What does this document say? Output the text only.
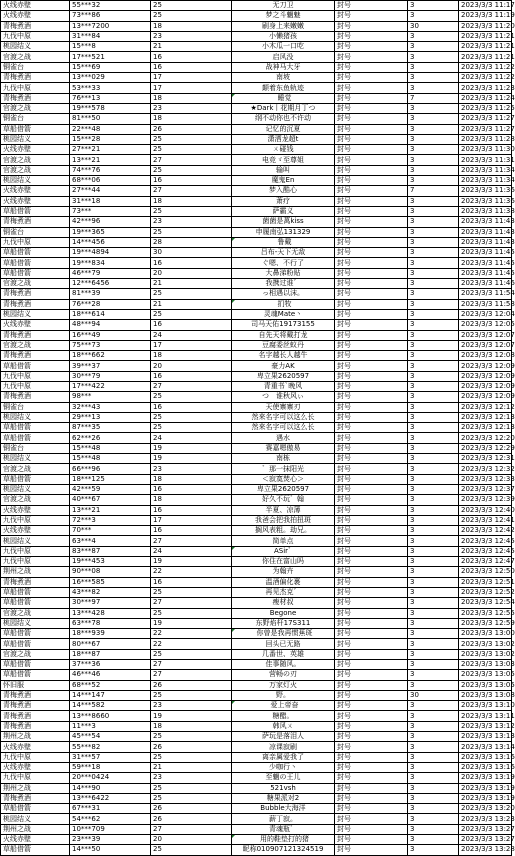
火线赤壁	55***32	25	无刀卫	封号	3	2023/3/3 11:17
火线赤壁	73***86	25	梦之斗魍魅	封号	3	2023/3/3 11:19
青梅煮酒	13***7200	18	刷身上来嫩嫩	封号	30	2023/3/3 11:20
九伐中原	31***84	23	小懒猪孩	封号	3	2023/3/3 11:21
桃园结义	15***8	21	小木瓜一口吃	封号	3	2023/3/3 11:21
官渡之战	17***521	16	启风没	封号	3	2023/3/3 11:21
铜雀台	15***69	16	战神马大牙	封号	3	2023/3/3 11:22
青梅煮酒	13***029	17	南坡	封号	3	2023/3/3 11:22
九伐中原	53***33	17	颠着东鱼轨迹	封号	3	2023/3/3 11:23
青梅煮酒	76***13	18	睡觉	封号	7	2023/3/3 11:24
官渡之战	19***578	23	★Dark丨花期月丁つ	封号	3	2023/3/3 11:25
铜雀台	81***50	18	纲不动你也不许动	封号	3	2023/3/3 11:27
草船借箭	22***48	26	记忆的沉夏	封号	3	2023/3/3 11:27
桃园结义	15***28	25	潇洒龙超t	封号	3	2023/3/3 11:28
火线赤壁	27***21	25	ㄨ碰钱	封号	3	2023/3/3 11:30
官渡之战	13***21	27	电竞ゞ至尊姐	封号	3	2023/3/3 11:31
官渡之战	74***76	25	输叫	封号	3	2023/3/3 11:34
桃园结义	68***06	16	魔鬼En	封号	3	2023/3/3 11:34
火线赤壁	27***44	27	梦入酷心	封号	7	2023/3/3 11:36
火线赤壁	31***18	18	萧疗	封号	3	2023/3/3 11:36
草船借箭	73***	25	萨霸义	封号	3	2023/3/3 11:38
青梅煮酒	42***96	23	菌菌是萬kiss	封号	3	2023/3/3 11:43
铜雀台	19***365	25	申履南弘131329	封号	3	2023/3/3 11:43
九伐中原	14***456	28	鲁戴	封号	3	2023/3/3 11:43
草船借箭	19***4894	30	吕布-天下无敌	封号	3	2023/3/3 11:45
草船借箭	19***834	16	ぐ嗯、不行了	封号	3	2023/3/3 11:45
草船借箭	46***79	20	大鼻涕粉贴	封号	3	2023/3/3 11:45
官渡之战	12***6456	21	我携过谁゛	封号	3	2023/3/3 11:46
青梅煮酒	81***39	25	っ相遇以沫。	封号	3	2023/3/3 11:54
青梅煮酒	76***28	21	扪牧	封号	3	2023/3/3 11:58
桃园结义	18***614	25	灵魂Mate丶	封号	3	2023/3/3 12:04
火线赤壁	48***94	16	司马天佑19173155	封号	3	2023/3/3 12:05
青梅煮酒	16***49	24	自先天将戴打龙	封号	3	2023/3/3 12:07
官渡之战	75***73	17	豆腐委丝蚁丹	封号	3	2023/3/3 12:07
青梅煮酒	18***662	18	名字越长人越牛	封号	3	2023/3/3 12:08
草船借箭	39***37	20	豪力AK	封号	3	2023/3/3 12:09
九伐中原	30***79	16	卑立果2620597	封号	3	2023/3/3 12:09
九伐中原	17***422	27	青重书`晚风	封号	3	2023/3/3 12:09
青梅煮酒	98***	25	つ　谁秋风ぃ	封号	3	2023/3/3 12:09
铜雀台	32***43	16	天使寨寨刃	封号	3	2023/3/3 12:12
桃园结义	29***13	25	然来名字可以这么长	封号	3	2023/3/3 12:13
草船借箭	87***35	25	然来名字可以这么长	封号	3	2023/3/3 12:13
草船借箭	62***26	24	遇水	封号	3	2023/3/3 12:20
铜雀台	15***48	19	赛嘉嗯傲易	封号	3	2023/3/3 12:29
桃园结义	15***48	19	南栋	封号	3	2023/3/3 12:31
官渡之战	66***96	23	゛那一抹阳光	封号	3	2023/3/3 12:32
草船借箭	18***125	18	＜寂寞焚心＞	封号	3	2023/3/3 12:33
桃园结义	42***59	16	卑立果2620597	封号	3	2023/3/3 12:37
官渡之战	40***67	18	好久不玩゛翰	封号	3	2023/3/3 12:39
火线赤壁	13***21	16	半夏、凉薄	封号	3	2023/3/3 12:40
九伐中原	72***3	17	我爸会把我拍扭斑	封号	3	2023/3/3 12:41
火线赤壁	70***	16	搁风表粗。劫兄。	封号	3	2023/3/3 12:42
桃园结义	63***4	27	简单点	封号	3	2023/3/3 12:45
九伐中原	83***87	24	ASir゛	封号	3	2023/3/3 12:45
九伐中原	19***453	19	你住在富山吗	封号	3	2023/3/3 12:47
荆州之战	90***08	22	为翰卉	封号	3	2023/3/3 12:50
青梅煮酒	16***585	16	温酒偏化裹	封号	3	2023/3/3 12:51
草船借箭	43***82	25	再见杰克゛	封号	3	2023/3/3 12:52
草船借箭	30***97	27	瘦材叔	封号	3	2023/3/3 12:54
官渡之战	13***428	25	Begone	封号	3	2023/3/3 12:55
桃园结义	63***78	19	东野焰杆17S311	封号	3	2023/3/3 12:59
草船借箭	18***939	22	你曾是我再惯蕉斑	封号	3	2023/3/3 13:00
草船借箭	80***67	22	回头已无路	封号	3	2023/3/3 13:02
官渡之战	18***87	25	几番世、英雄	封号	3	2023/3/3 13:02
草船借箭	37***36	27	佳事随风。	封号	3	2023/3/3 13:03
草船借箭	46***46	27	营畅の刃	封号	3	2023/3/3 13:05
怀旧服	68***52	26	万家灯火	封号	3	2023/3/3 13:05
青梅煮酒	14***147	25	野。	封号	30	2023/3/3 13:08
青梅煮酒	14***582	23	爱上帝奋	封号	3	2023/3/3 13:10
青梅煮酒	13***8660	19	糖醋。	封号	3	2023/3/3 13:11
青梅煮酒	11***3	18	韩风ㄨ	封号	3	2023/3/3 13:12
荆州之战	45***54	25	萨玩是落泪人	封号	3	2023/3/3 13:13
火线赤壁	55***82	26	凉课寂刷	封号	3	2023/3/3 13:14
九伐中原	31***57	25	离亲属爱我了	封号	3	2023/3/3 13:16
火线赤壁	59***18	21	少咖行丶	封号	3	2023/3/3 13:16
九伐中原	20***0424	23	至魍の王儿	封号	3	2023/3/3 13:19
荆州之战	14***90	25	521vsh	封号	3	2023/3/3 13:19
青梅煮酒	13***6422	25	糖果派对2	封号	3	2023/3/3 13:19
草船借箭	67***31	26	Bubble大海洋	封号	3	2023/3/3 13:20
桃园结义	54***62	26	薪丁寂。	封号	3	2023/3/3 13:23
荆州之战	10***709	27	青魂瓶゛	封号	3	2023/3/3 13:27
火线赤壁	23***39	20	用的鞋垫打的猪	封号	3	2023/3/3 13:27
草船借箭	14***50	25	昵称010907121324519	封号	3	2023/3/3 13:28
